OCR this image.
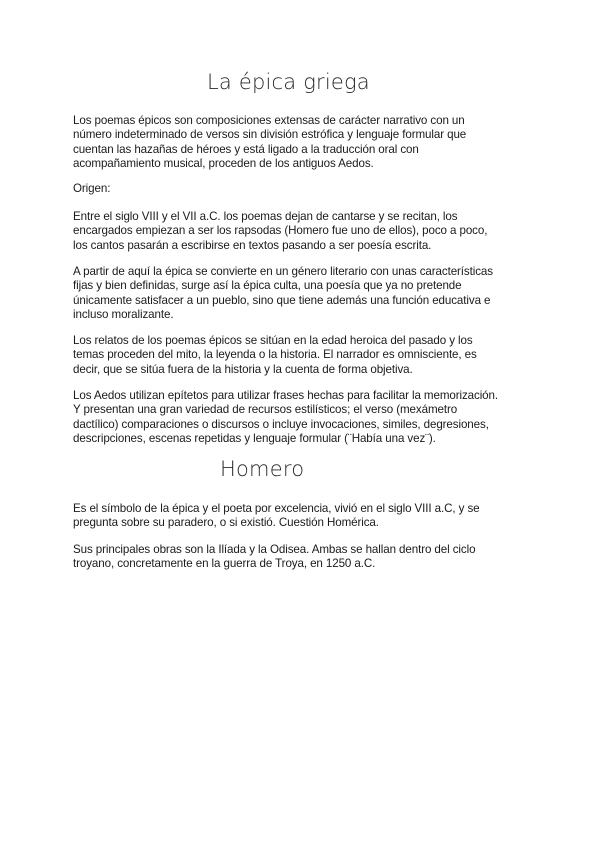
La épica griega

Los poemas épicos son composiciones extensas de carácter narrativo con un
número indeterminado de versos sin división estrófica y lenguaje formular que
cuentan las hazañas de héroes y está ligado a la traducción oral con
acompañamiento musical, proceden de los antiguos Aedos.

Origen:

Entre el siglo VIII y el VII a.C. los poemas dejan de cantarse y se recitan, los
encargados empiezan a ser los rapsodas (Homero fue uno de ellos), poco a poco,
los cantos pasarán a escribirse en textos pasando a ser poesía escrita.

A partir de aquí la épica se convierte en un género literario con unas características
fijas y bien definidas, surge así la épica culta, una poesía que ya no pretende
únicamente satisfacer a un pueblo, sino que tiene además una función educativa e
incluso moralizante.

Los relatos de los poemas épicos se sitúan en la edad heroica del pasado y los
temas proceden del mito, la leyenda o la historia. El narrador es omnisciente, es
decir, que se sitúa fuera de la historia y la cuenta de forma objetiva.

Los Aedos utilizan epítetos para utilizar frases hechas para facilitar la memorización.
Y presentan una gran variedad de recursos estilísticos; el verso (mexámetro
dactílico) comparaciones o discursos o incluye invocaciones, similes, degresiones,
descripciones, escenas repetidas y lenguaje formular (¨Había una vez¨).

Homero

Es el símbolo de la épica y el poeta por excelencia, vivió en el siglo VIII a.C, y se
pregunta sobre su paradero, o si existió. Cuestión Homérica.

Sus principales obras son la Ilíada y la Odisea. Ambas se hallan dentro del ciclo
troyano, concretamente en la guerra de Troya, en 1250 a.C.
